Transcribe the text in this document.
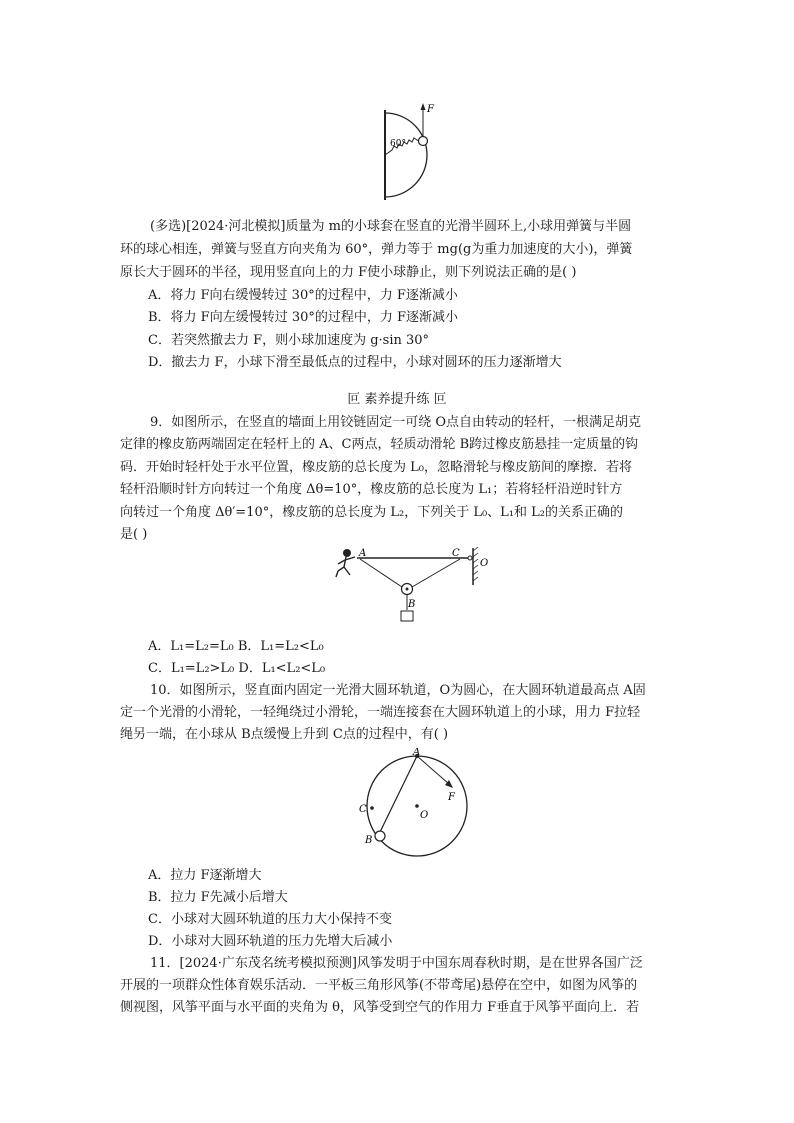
F
60°
(多选)[2024·河北模拟]质量为 m的小球套在竖直的光滑半圆环上,小球用弹簧与半圆
环的球心相连，弹簧与竖直方向夹角为 60°，弹力等于 mg(g为重力加速度的大小)，弹簧
原长大于圆环的半径，现用竖直向上的力 F使小球静止，则下列说法正确的是( )
A．将力 F向右缓慢转过 30°的过程中，力 F逐渐减小
B．将力 F向左缓慢转过 30°的过程中，力 F逐渐减小
C．若突然撤去力 F，则小球加速度为 g·sin 30°
D．撤去力 F，小球下滑至最低点的过程中，小球对圆环的压力逐渐增大
叵 素养提升练 叵
9．如图所示，在竖直的墙面上用铰链固定一可绕 O点自由转动的轻杆，一根满足胡克
定律的橡皮筋两端固定在轻杆上的 A、C两点，轻质动滑轮 B跨过橡皮筋悬挂一定质量的钩
码．开始时轻杆处于水平位置，橡皮筋的总长度为 L₀，忽略滑轮与橡皮筋间的摩擦．若将
轻杆沿顺时针方向转过一个角度 Δθ=10°，橡皮筋的总长度为 L₁；若将轻杆沿逆时针方
向转过一个角度 Δθ′=10°，橡皮筋的总长度为 L₂，下列关于 L₀、L₁和 L₂的关系正确的
是( )
A	C
O
B
A．L₁=L₂=L₀ B．L₁=L₂<L₀
C．L₁=L₂>L₀ D．L₁<L₂<L₀
10．如图所示，竖直面内固定一光滑大圆环轨道，O为圆心，在大圆环轨道最高点 A固
定一个光滑的小滑轮，一轻绳绕过小滑轮，一端连接套在大圆环轨道上的小球，用力 F拉轻
绳另一端，在小球从 B点缓慢上升到 C点的过程中，有( )
A
C
O
B
F
A．拉力 F逐渐增大
B．拉力 F先减小后增大
C．小球对大圆环轨道的压力大小保持不变
D．小球对大圆环轨道的压力先增大后减小
11．[2024·广东茂名统考模拟预测]风筝发明于中国东周春秋时期，是在世界各国广泛
开展的一项群众性体育娱乐活动．一平板三角形风筝(不带鸢尾)悬停在空中，如图为风筝的
侧视图，风筝平面与水平面的夹角为 θ，风筝受到空气的作用力 F垂直于风筝平面向上．若
